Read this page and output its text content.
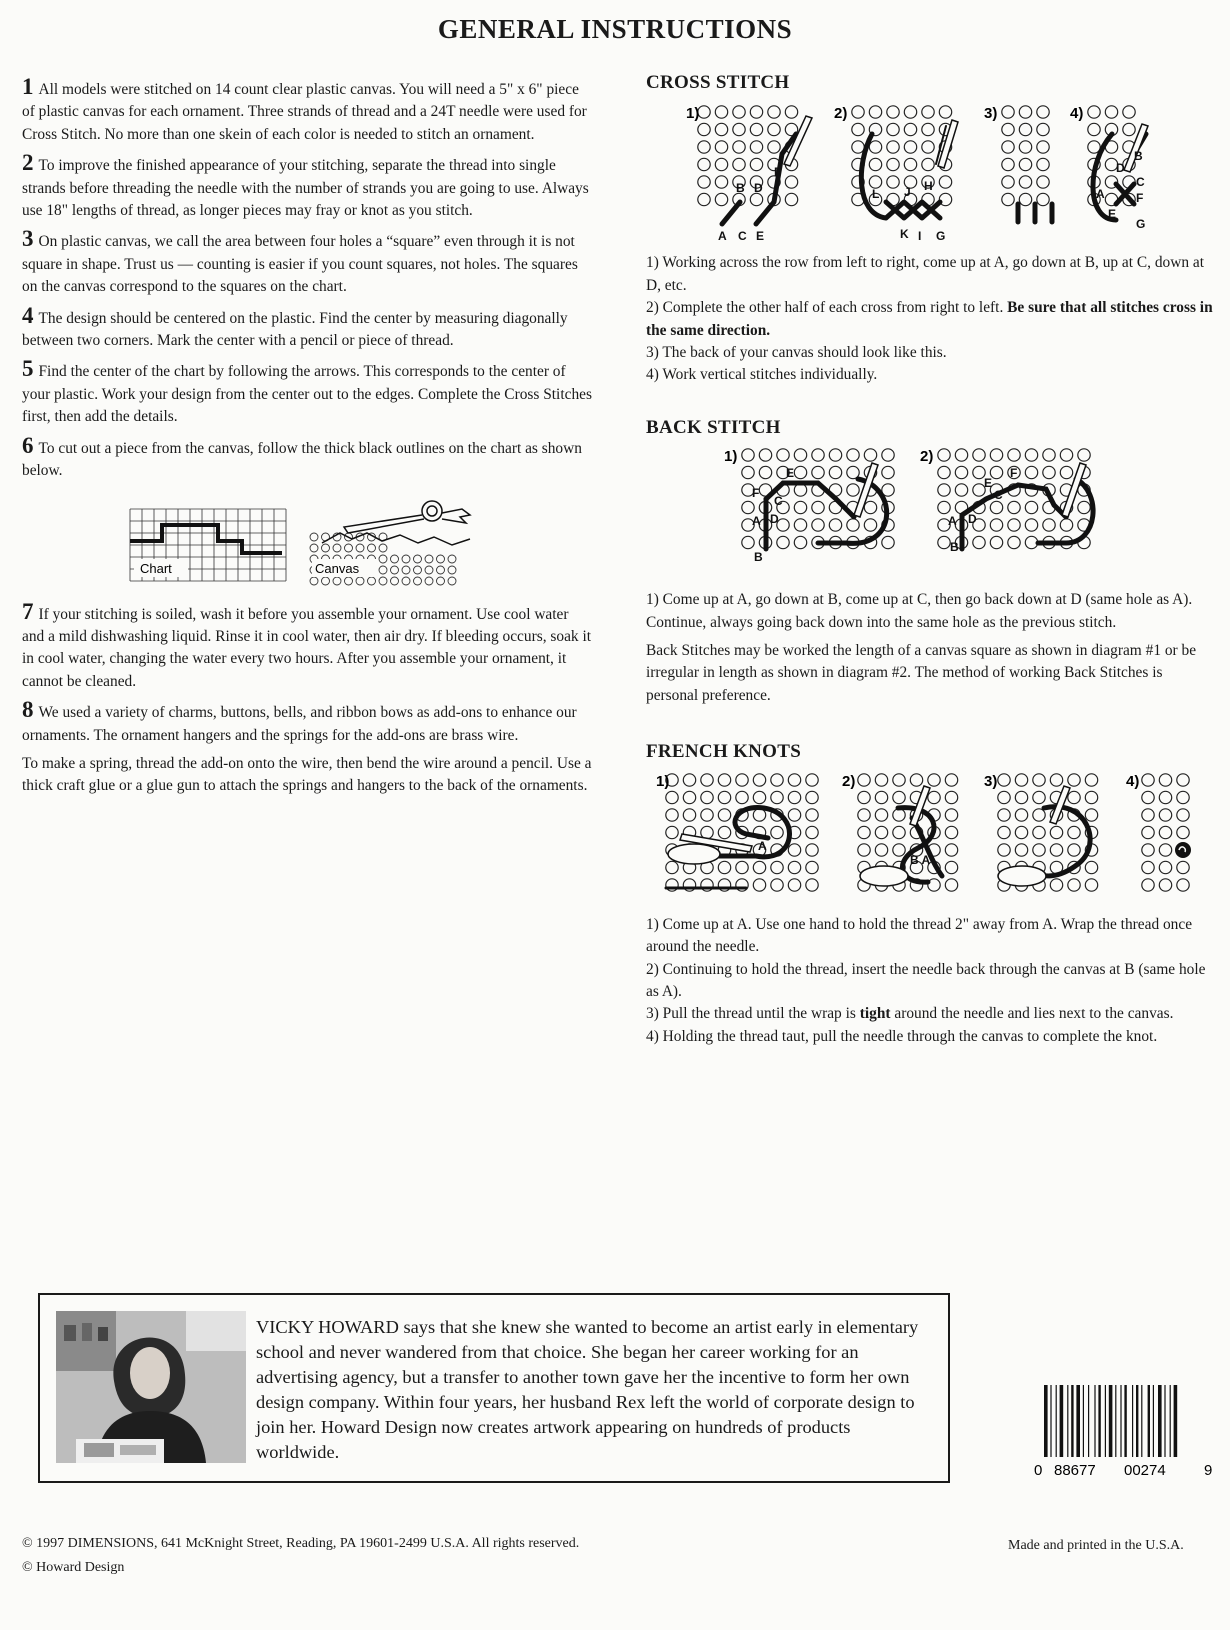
GENERAL INSTRUCTIONS

1 All models were stitched on 14 count clear plastic canvas. You will need a 5" x 6" piece of plastic canvas for each ornament. Three strands of thread and a 24T needle were used for Cross Stitch. No more than one skein of each color is needed to stitch an ornament.

2 To improve the finished appearance of your stitching, separate the thread into single strands before threading the needle with the number of strands you are going to use. Always use 18" lengths of thread, as longer pieces may fray or knot as you stitch.

3 On plastic canvas, we call the area between four holes a “square” even through it is not square in shape. Trust us — counting is easier if you count squares, not holes. The squares on the canvas correspond to the squares on the chart.

4 The design should be centered on the plastic. Find the center by measuring diagonally between two corners. Mark the center with a pencil or piece of thread.

5 Find the center of the chart by following the arrows. This corresponds to the center of your plastic. Work your design from the center out to the edges. Complete the Cross Stitches first, then add the details.

6 To cut out a piece from the canvas, follow the thick black outlines on the chart as shown below.

Chart	Canvas

7 If your stitching is soiled, wash it before you assemble your ornament. Use cool water and a mild dishwashing liquid. Rinse it in cool water, then air dry. If bleeding occurs, soak it in cool water, changing the water every two hours. After you assemble your ornament, it cannot be cleaned.

8 We used a variety of charms, buttons, bells, and ribbon bows as add-ons to enhance our ornaments. The ornament hangers and the springs for the add-ons are brass wire.

To make a spring, thread the add-on onto the wire, then bend the wire around a pencil. Use a thick craft glue or a glue gun to attach the springs and hangers to the back of the ornaments.

CROSS STITCH
1)	2)	3)	4)
B D
F
A C E
L J H
K I G
D
B
C
A	F
E
G

1) Working across the row from left to right, come up at A, go down at B, up at C, down at D, etc.

2) Complete the other half of each cross from right to left. Be sure that all stitches cross in the same direction.

3) The back of your canvas should look like this.

4) Work vertical stitches individually.

BACK STITCH
1)	2)
E
F
C
A D
B
F
E
C
A D
B

1) Come up at A, go down at B, come up at C, then go back down at D (same hole as A). Continue, always going back down into the same hole as the previous stitch.

Back Stitches may be worked the length of a canvas square as shown in diagram #1 or be irregular in length as shown in diagram #2. The method of working Back Stitches is personal preference.

FRENCH KNOTS
1)	2)	3)	4)
A
B A

1) Come up at A. Use one hand to hold the thread 2" away from A. Wrap the thread once around the needle.

2) Continuing to hold the thread, insert the needle back through the canvas at B (same hole as A).

3) Pull the thread until the wrap is tight around the needle and lies next to the canvas.

4) Holding the thread taut, pull the needle through the canvas to complete the knot.

VICKY HOWARD says that she knew she wanted to become an artist early in elementary school and never wandered from that choice. She began her career working for an advertising agency, but a transfer to another town gave her the incentive to form her own design company. Within four years, her husband Rex left the world of corporate design to join her. Howard Design now creates artwork appearing on hundreds of products worldwide.

0 88677 00274	9
© 1997 DIMENSIONS, 641 McKnight Street, Reading, PA 19601-2499 U.S.A. All rights reserved.
© Howard Design
Made and printed in the U.S.A.
